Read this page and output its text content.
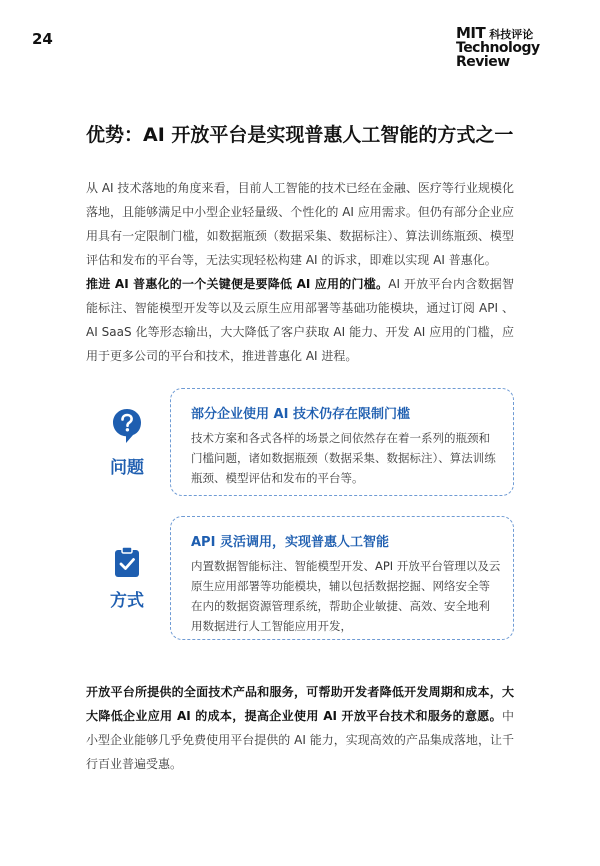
24	MIT 科技评论
Technology
Review
优势：AI 开放平台是实现普惠人工智能的方式之一

从 AI 技术落地的角度来看，目前人工智能的技术已经在金融、医疗等行业规模化落地，且能够满足中小型企业轻量级、个性化的 AI 应用需求。但仍有部分企业应用具有一定限制门槛，如数据瓶颈（数据采集、数据标注）、算法训练瓶颈、模型评估和发布的平台等，无法实现轻松构建 AI 的诉求，即难以实现 AI 普惠化。

推进 AI 普惠化的一个关键便是要降低 AI 应用的门槛。AI 开放平台内含数据智能标注、智能模型开发等以及云原生应用部署等基础功能模块，通过订阅 API 、AI SaaS 化等形态输出，大大降低了客户获取 AI 能力、开发 AI 应用的门槛，应用于更多公司的平台和技术，推进普惠化 AI 进程。

问题
部分企业使用 AI 技术仍存在限制门槛

技术方案和各式各样的场景之间依然存在着一系列的瓶颈和门槛问题，诸如数据瓶颈（数据采集、数据标注）、算法训练瓶颈、模型评估和发布的平台等。

方式
API 灵活调用，实现普惠人工智能

内置数据智能标注、智能模型开发、API 开放平台管理以及云原生应用部署等功能模块，辅以包括数据挖掘、网络安全等在内的数据资源管理系统，帮助企业敏捷、高效、安全地利用数据进行人工智能应用开发，

开放平台所提供的全面技术产品和服务，可帮助开发者降低开发周期和成本，大大降低企业应用 AI 的成本，提高企业使用 AI 开放平台技术和服务的意愿。中小型企业能够几乎免费使用平台提供的 AI 能力，实现高效的产品集成落地，让千行百业普遍受惠。
